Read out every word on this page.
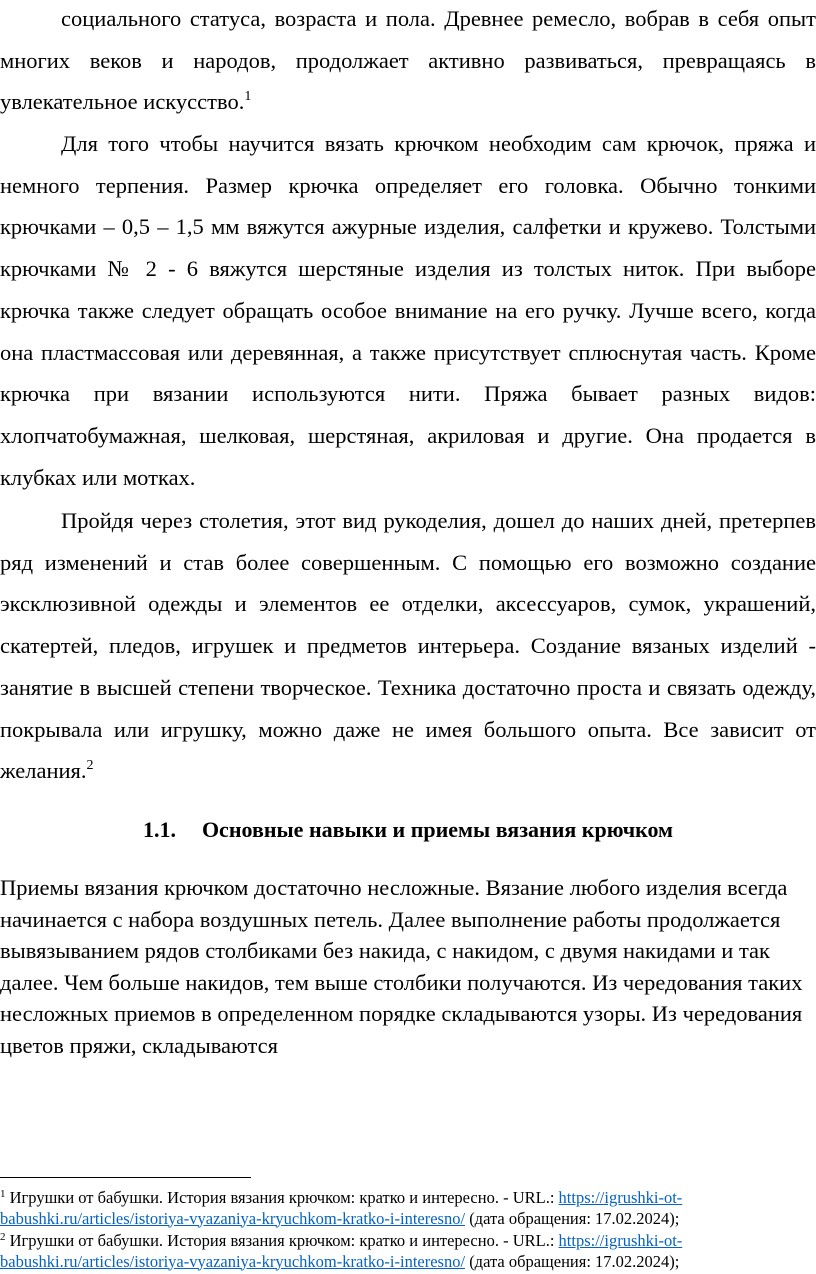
социального статуса, возраста и пола. Древнее ремесло, вобрав в себя опыт многих веков и народов, продолжает активно развиваться, превращаясь в увлекательное искусство.$^1$

Для того чтобы научится вязать крючком необходим сам крючок, пряжа и немного терпения. Размер крючка определяет его головка. Обычно тонкими крючками – 0,5 – 1,5 мм вяжутся ажурные изделия, салфетки и кружево. Толстыми крючками № 2 - 6 вяжутся шерстяные изделия из толстых ниток. При выборе крючка также следует обращать особое внимание на его ручку. Лучше всего, когда она пластмассовая или деревянная, а также присутствует сплюснутая часть. Кроме крючка при вязании используются нити. Пряжа бывает разных видов: хлопчатобумажная, шелковая, шерстяная, акриловая и другие. Она продается в клубках или мотках.

Пройдя через столетия, этот вид рукоделия, дошел до наших дней, претерпев ряд изменений и став более совершенным. С помощью его возможно создание эксклюзивной одежды и элементов ее отделки, аксессуаров, сумок, украшений, скатертей, пледов, игрушек и предметов интерьера. Создание вязаных изделий - занятие в высшей степени творческое. Техника достаточно проста и связать одежду, покрывала или игрушку, можно даже не имея большого опыта. Все зависит от желания.$^2$

1.1. Основные навыки и приемы вязания крючком

Приемы вязания крючком достаточно несложные. Вязание любого изделия всегда начинается с набора воздушных петель. Далее выполнение работы продолжается вывязыванием рядов столбиками без накида, с накидом, с двумя накидами и так далее. Чем больше накидов, тем выше столбики получаются. Из чередования таких несложных приемов в определенном порядке складываются узоры. Из чередования цветов пряжи, складываются

$^1$ Игрушки от бабушки. История вязания крючком: кратко и интересно. - URL.: https://igrushki-ot-babushki.ru/articles/istoriya-vyazaniya-kryuchkom-kratko-i-interesno/ (дата обращения: 17.02.2024);

$^2$ Игрушки от бабушки. История вязания крючком: кратко и интересно. - URL.: https://igrushki-ot-babushki.ru/articles/istoriya-vyazaniya-kryuchkom-kratko-i-interesno/ (дата обращения: 17.02.2024);
